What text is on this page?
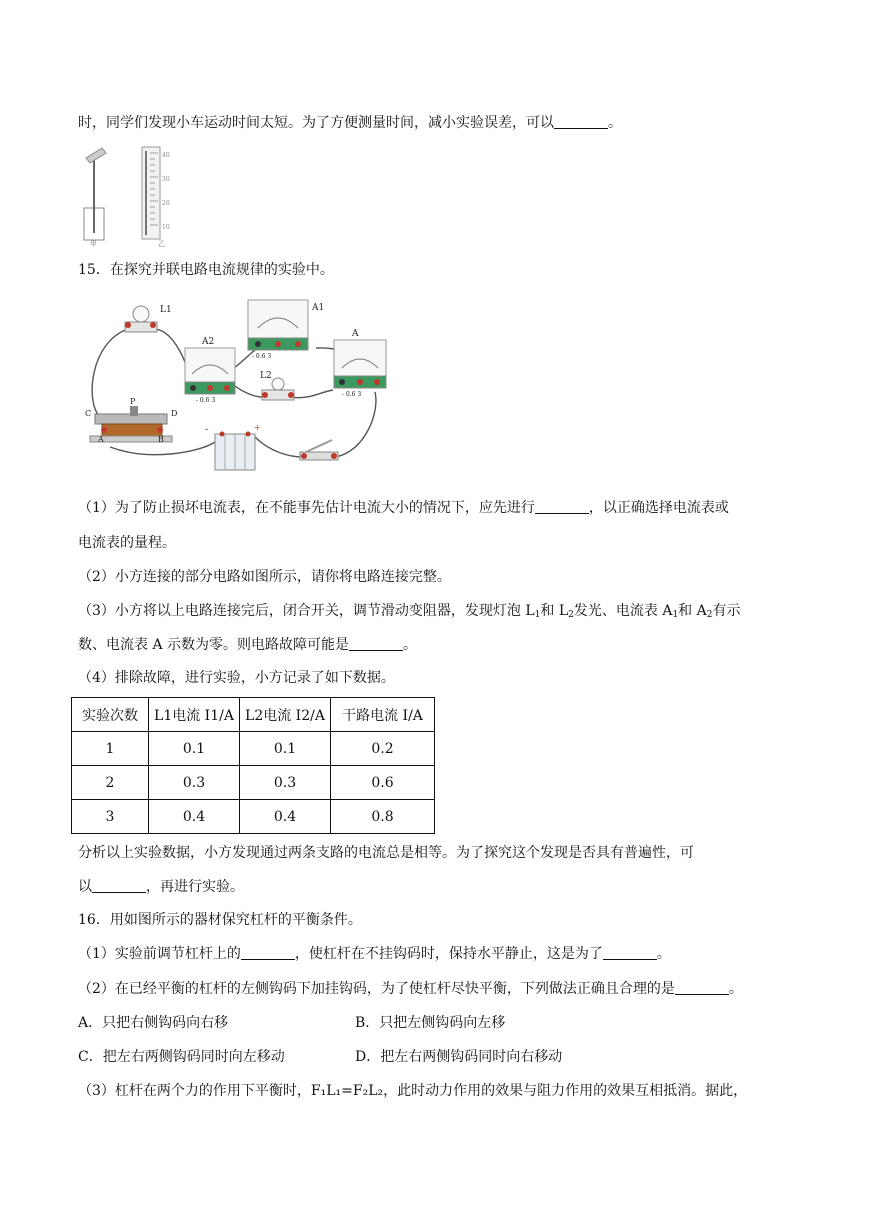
时，同学们发现小车运动时间太短。为了方便测量时间，减小实验误差，可以	。
甲
40
30
20
10
乙
15．在探究并联电路电流规律的实验中。
L1	A1
A2
- 0.6 3
L2
A
- 0.6 3
- 0.6 3
C	D
P
A	B
-	+
（1）为了防止损坏电流表，在不能事先估计电流大小的情况下，应先进行	，以正确选择电流表或
电流表的量程。
（2）小方连接的部分电路如图所示，请你将电路连接完整。
（3）小方将以上电路连接完后，闭合开关，调节滑动变阻器，发现灯泡 $L_1$和 $L_2$发光、电流表 $A_1$和 $A_2$有示
数、电流表 A 示数为零。则电路故障可能是	。
（4）排除故障，进行实验，小方记录了如下数据。
实验次数	L1电流 I1/A	L2电流 I2/A	干路电流 I/A
1	0.1	0.1	0.2
2	0.3	0.3	0.6
3	0.4	0.4	0.8
分析以上实验数据，小方发现通过两条支路的电流总是相等。为了探究这个发现是否具有普遍性，可
以	，再进行实验。
16．用如图所示的器材保究杠杆的平衡条件。
（1）实验前调节杠杆上的	，使杠杆在不挂钩码时，保持水平静止，这是为了	。
（2）在已经平衡的杠杆的左侧钩码下加挂钩码，为了使杠杆尽快平衡，下列做法正确且合理的是	。
A．只把右侧钩码向右移	B．只把左侧钩码向左移
C．把左右两侧钩码同时向左移动	D．把左右两侧钩码同时向右移动
（3）杠杆在两个力的作用下平衡时，F₁L₁=F₂L₂，此时动力作用的效果与阻力作用的效果互相抵消。据此，
